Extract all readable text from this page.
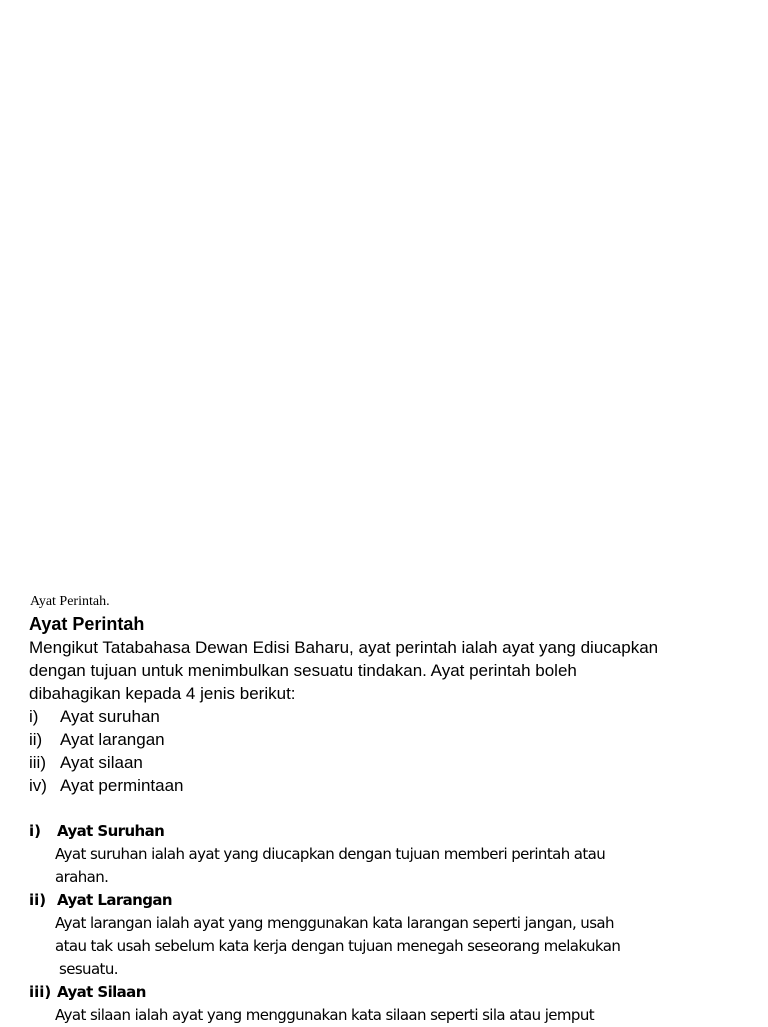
Ayat Perintah.
Ayat Perintah

Mengikut Tatabahasa Dewan Edisi Baharu, ayat perintah ialah ayat yang diucapkan

dengan tujuan untuk menimbulkan sesuatu tindakan. Ayat perintah boleh

dibahagikan kepada 4 jenis berikut:

i)	Ayat suruhan
ii)	Ayat larangan
iii) Ayat silaan
iv) Ayat permintaan
i)	Ayat Suruhan
Ayat suruhan ialah ayat yang diucapkan dengan tujuan memberi perintah atau
arahan.
ii) Ayat Larangan
Ayat larangan ialah ayat yang menggunakan kata larangan seperti jangan, usah
atau tak usah sebelum kata kerja dengan tujuan menegah seseorang melakukan
sesuatu.
iii) Ayat Silaan
Ayat silaan ialah ayat yang menggunakan kata silaan seperti sila atau jemput
